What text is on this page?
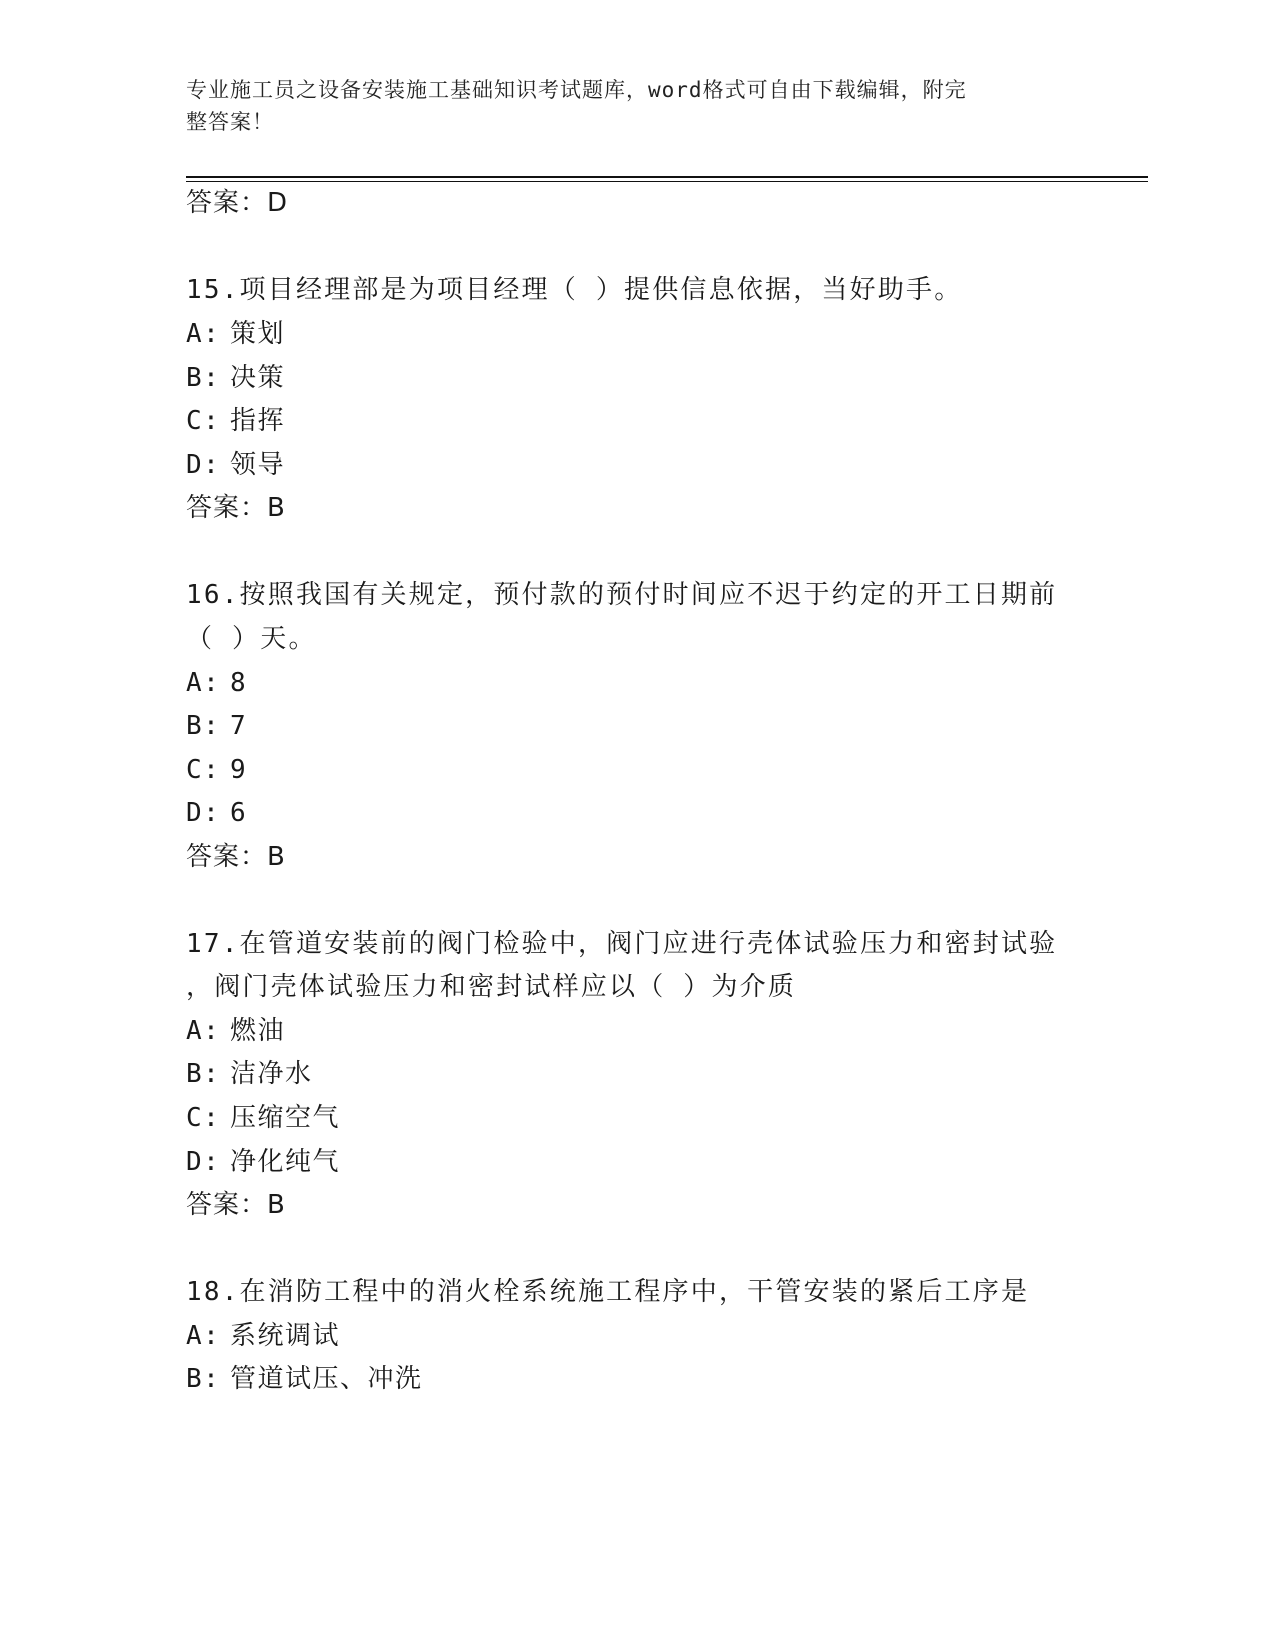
专业施工员之设备安装施工基础知识考试题库，word格式可自由下载编辑，附完
整答案！
答案：D
15.项目经理部是为项目经理（ ）提供信息依据，当好助手。
A: 策划
B: 决策
C: 指挥
D: 领导
答案：B
16.按照我国有关规定，预付款的预付时间应不迟于约定的开工日期前
（ ）天。
A: 8
B: 7
C: 9
D: 6
答案：B
17.在管道安装前的阀门检验中，阀门应进行壳体试验压力和密封试验
，阀门壳体试验压力和密封试样应以（ ）为介质
A: 燃油
B: 洁净水
C: 压缩空气
D: 净化纯气
答案：B
18.在消防工程中的消火栓系统施工程序中，干管安装的紧后工序是
A: 系统调试
B: 管道试压、冲洗
